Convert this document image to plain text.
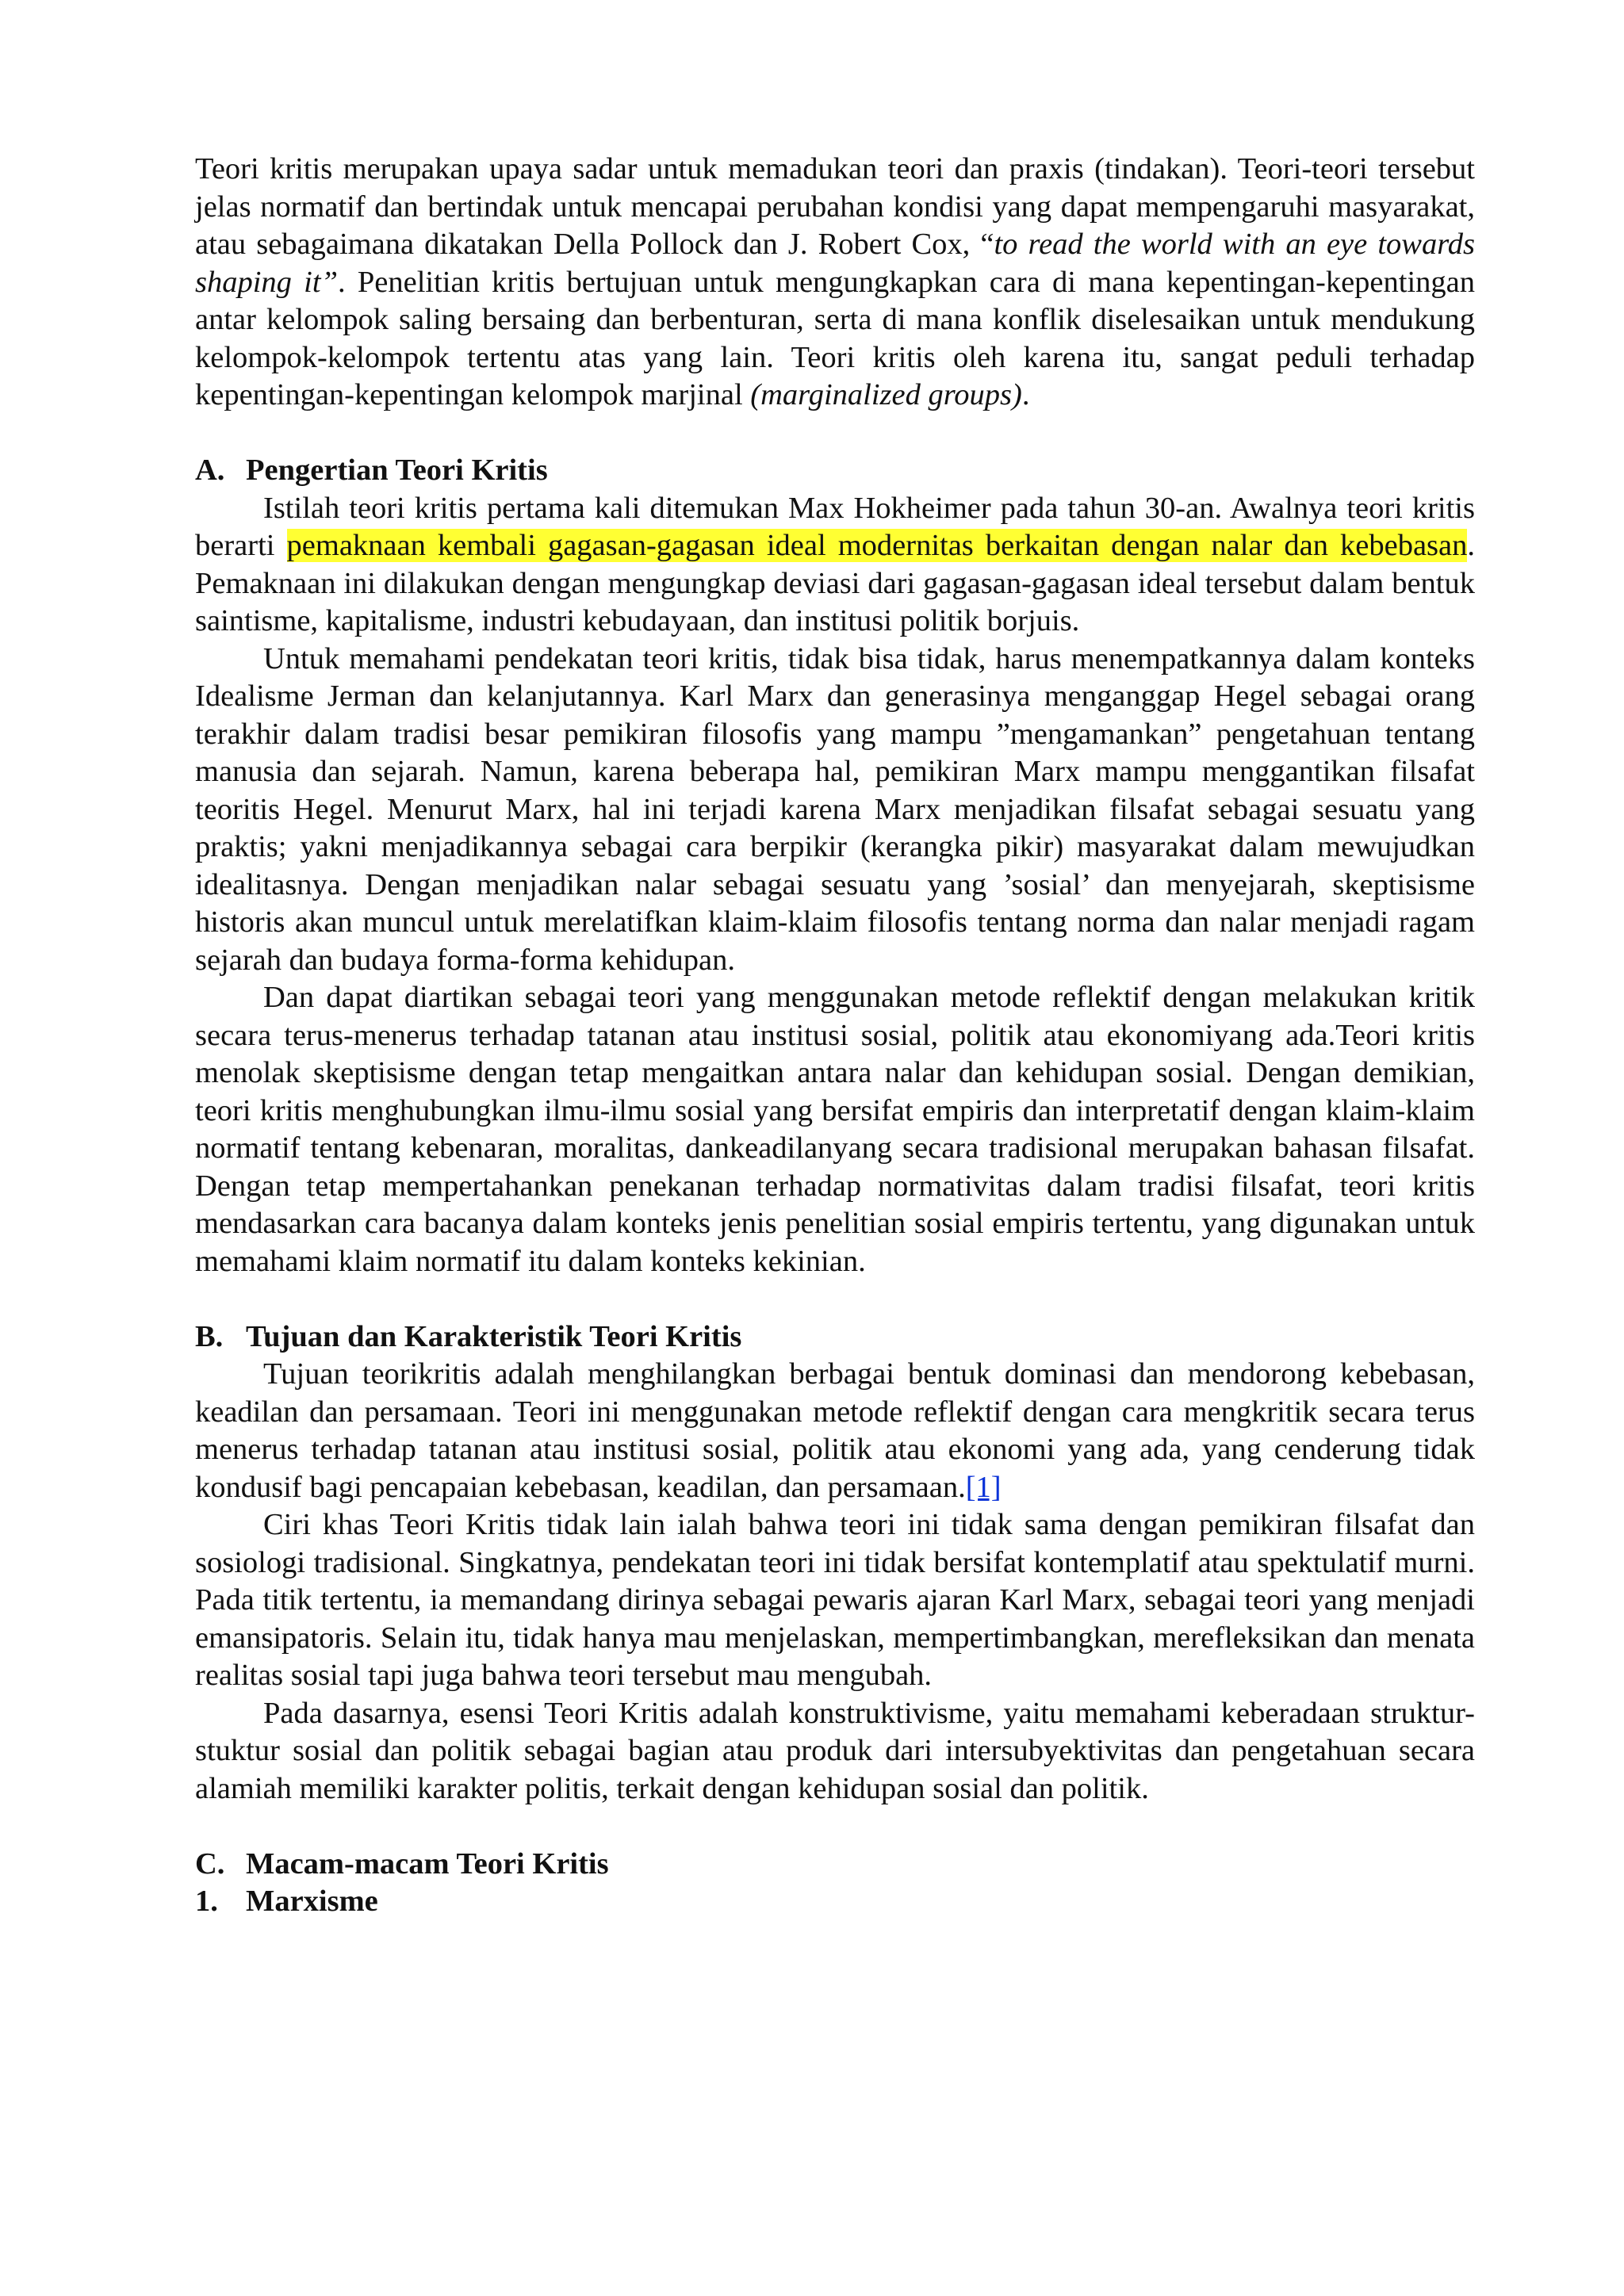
Teori kritis merupakan upaya sadar untuk memadukan teori dan praxis (tindakan). Teori-teori tersebut jelas normatif dan bertindak untuk mencapai perubahan kondisi yang dapat mempengaruhi masyarakat, atau sebagaimana dikatakan Della Pollock dan J. Robert Cox, “to read the world with an eye towards shaping it”. Penelitian kritis bertujuan untuk mengungkapkan cara di mana kepentingan-kepentingan antar kelompok saling bersaing dan berbenturan, serta di mana konflik diselesaikan untuk mendukung kelompok-kelompok tertentu atas yang lain. Teori kritis oleh karena itu, sangat peduli terhadap kepentingan-kepentingan kelompok marjinal (marginalized groups).

A. Pengertian Teori Kritis

Istilah teori kritis pertama kali ditemukan Max Hokheimer pada tahun 30-an. Awalnya teori kritis berarti pemaknaan kembali gagasan-gagasan ideal modernitas berkaitan dengan nalar dan kebebasan. Pemaknaan ini dilakukan dengan mengungkap deviasi dari gagasan-gagasan ideal tersebut dalam bentuk saintisme, kapitalisme, industri kebudayaan, dan institusi politik borjuis.

Untuk memahami pendekatan teori kritis, tidak bisa tidak, harus menempatkannya dalam konteks Idealisme Jerman dan kelanjutannya. Karl Marx dan generasinya menganggap Hegel sebagai orang terakhir dalam tradisi besar pemikiran filosofis yang mampu ”mengamankan” pengetahuan tentang manusia dan sejarah. Namun, karena beberapa hal, pemikiran Marx mampu menggantikan filsafat teoritis Hegel. Menurut Marx, hal ini terjadi karena Marx menjadikan filsafat sebagai sesuatu yang praktis; yakni menjadikannya sebagai cara berpikir (kerangka pikir) masyarakat dalam mewujudkan idealitasnya. Dengan menjadikan nalar sebagai sesuatu yang ’sosial’ dan menyejarah, skeptisisme historis akan muncul untuk merelatifkan klaim-klaim filosofis tentang norma dan nalar menjadi ragam sejarah dan budaya forma-forma kehidupan.

Dan dapat diartikan sebagai teori yang menggunakan metode reflektif dengan melakukan kritik secara terus-menerus terhadap tatanan atau institusi sosial, politik atau ekonomiyang ada.Teori kritis menolak skeptisisme dengan tetap mengaitkan antara nalar dan kehidupan sosial. Dengan demikian, teori kritis menghubungkan ilmu-ilmu sosial yang bersifat empiris dan interpretatif dengan klaim-klaim normatif tentang kebenaran, moralitas, dankeadilanyang secara tradisional merupakan bahasan filsafat. Dengan tetap mempertahankan penekanan terhadap normativitas dalam tradisi filsafat, teori kritis mendasarkan cara bacanya dalam konteks jenis penelitian sosial empiris tertentu, yang digunakan untuk memahami klaim normatif itu dalam konteks kekinian.

B. Tujuan dan Karakteristik Teori Kritis

Tujuan teorikritis adalah menghilangkan berbagai bentuk dominasi dan mendorong kebebasan, keadilan dan persamaan. Teori ini menggunakan metode reflektif dengan cara mengkritik secara terus menerus terhadap tatanan atau institusi sosial, politik atau ekonomi yang ada, yang cenderung tidak kondusif bagi pencapaian kebebasan, keadilan, dan persamaan.[1]

Ciri khas Teori Kritis tidak lain ialah bahwa teori ini tidak sama dengan pemikiran filsafat dan sosiologi tradisional. Singkatnya, pendekatan teori ini tidak bersifat kontemplatif atau spektulatif murni. Pada titik tertentu, ia memandang dirinya sebagai pewaris ajaran Karl Marx, sebagai teori yang menjadi emansipatoris. Selain itu, tidak hanya mau menjelaskan, mempertimbangkan, merefleksikan dan menata realitas sosial tapi juga bahwa teori tersebut mau mengubah.

Pada dasarnya, esensi Teori Kritis adalah konstruktivisme, yaitu memahami keberadaan struktur-stuktur sosial dan politik sebagai bagian atau produk dari intersubyektivitas dan pengetahuan secara alamiah memiliki karakter politis, terkait dengan kehidupan sosial dan politik.

C. Macam-macam Teori Kritis
1. Marxisme
